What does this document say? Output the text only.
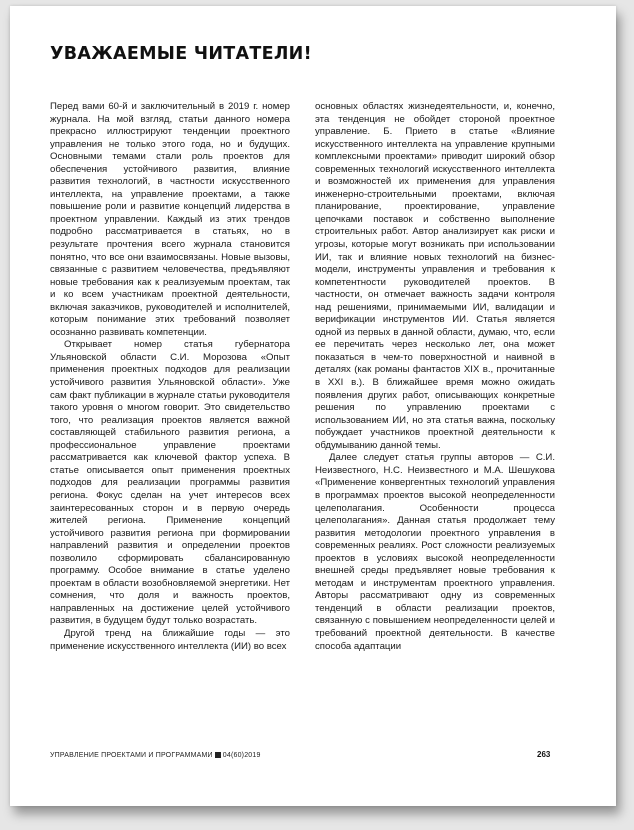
УВАЖАЕМЫЕ ЧИТАТЕЛИ!

Перед вами 60-й и заключительный в 2019 г. номер журнала. На мой взгляд, статьи данного номера прекрасно иллюстрируют тенденции проектного управления не только этого года, но и будущих. Основными темами стали роль проектов для обеспечения устойчивого развития, влияние развития технологий, в частности искусственного интеллекта, на управление проектами, а также повышение роли и развитие концепций лидерства в проектном управлении. Каждый из этих трендов подробно рассматривается в статьях, но в результате прочтения всего журнала становится понятно, что все они взаимосвязаны. Новые вызовы, связанные с развитием человечества, предъявляют новые требования как к реализуемым проектам, так и ко всем участникам проектной деятельности, включая заказчиков, руководителей и исполнителей, которым понимание этих требований позволяет осознанно развивать компетенции.

Открывает номер статья губернатора Ульяновской области С.И. Морозова «Опыт применения проектных подходов для реализации устойчивого развития Ульяновской области». Уже сам факт публикации в журнале статьи руководителя такого уровня о многом говорит. Это свидетельство того, что реализация проектов является важной составляющей стабильного развития региона, а профессиональное управление проектами рассматривается как ключевой фактор успеха. В статье описывается опыт применения проектных подходов для реализации программы развития региона. Фокус сделан на учет интересов всех заинтересованных сторон и в первую очередь жителей региона. Применение концепций устойчивого развития региона при формировании направлений развития и определении проектов позволило сформировать сбалансированную программу. Особое внимание в статье уделено проектам в области возобновляемой энергетики. Нет сомнения, что доля и важность проектов, направленных на достижение целей устойчивого развития, в будущем будут только возрастать.

Другой тренд на ближайшие годы — это применение искусственного интеллекта (ИИ) во всех

основных областях жизнедеятельности, и, конечно, эта тенденция не обойдет стороной проектное управление. Б. Прието в статье «Влияние искусственного интеллекта на управление крупными комплексными проектами» приводит широкий обзор современных технологий искусственного интеллекта и возможностей их применения для управления инженерно-строительными проектами, включая планирование, проектирование, управление цепочками поставок и собственно выполнение строительных работ. Автор анализирует как риски и угрозы, которые могут возникать при использовании ИИ, так и влияние новых технологий на бизнес-модели, инструменты управления и требования к компетентности руководителей проектов. В частности, он отмечает важность задачи контроля над решениями, принимаемыми ИИ, валидации и верификации инструментов ИИ. Статья является одной из первых в данной области, думаю, что, если ее перечитать через несколько лет, она может показаться в чем-то поверхностной и наивной в деталях (как романы фантастов XIX в., прочитанные в XXI в.). В ближайшее время можно ожидать появления других работ, описывающих конкретные решения по управлению проектами с использованием ИИ, но эта статья важна, поскольку побуждает участников проектной деятельности к обдумыванию данной темы.

Далее следует статья группы авторов — С.И. Неизвестного, Н.С. Неизвестного и М.А. Шешукова «Применение конвергентных технологий управления в программах проектов высокой неопределенности целеполагания. Особенности процесса целеполагания». Данная статья продолжает тему развития методологии проектного управления в современных реалиях. Рост сложности реализуемых проектов в условиях высокой неопределенности внешней среды предъявляет новые требования к методам и инструментам проектного управления. Авторы рассматривают одну из современных тенденций в области реализации проектов, связанную с повышением неопределенности целей и требований проектной деятельности. В качестве способа адаптации

УПРАВЛЕНИЕ ПРОЕКТАМИ И ПРОГРАММАМИ 04(60)2019	263
